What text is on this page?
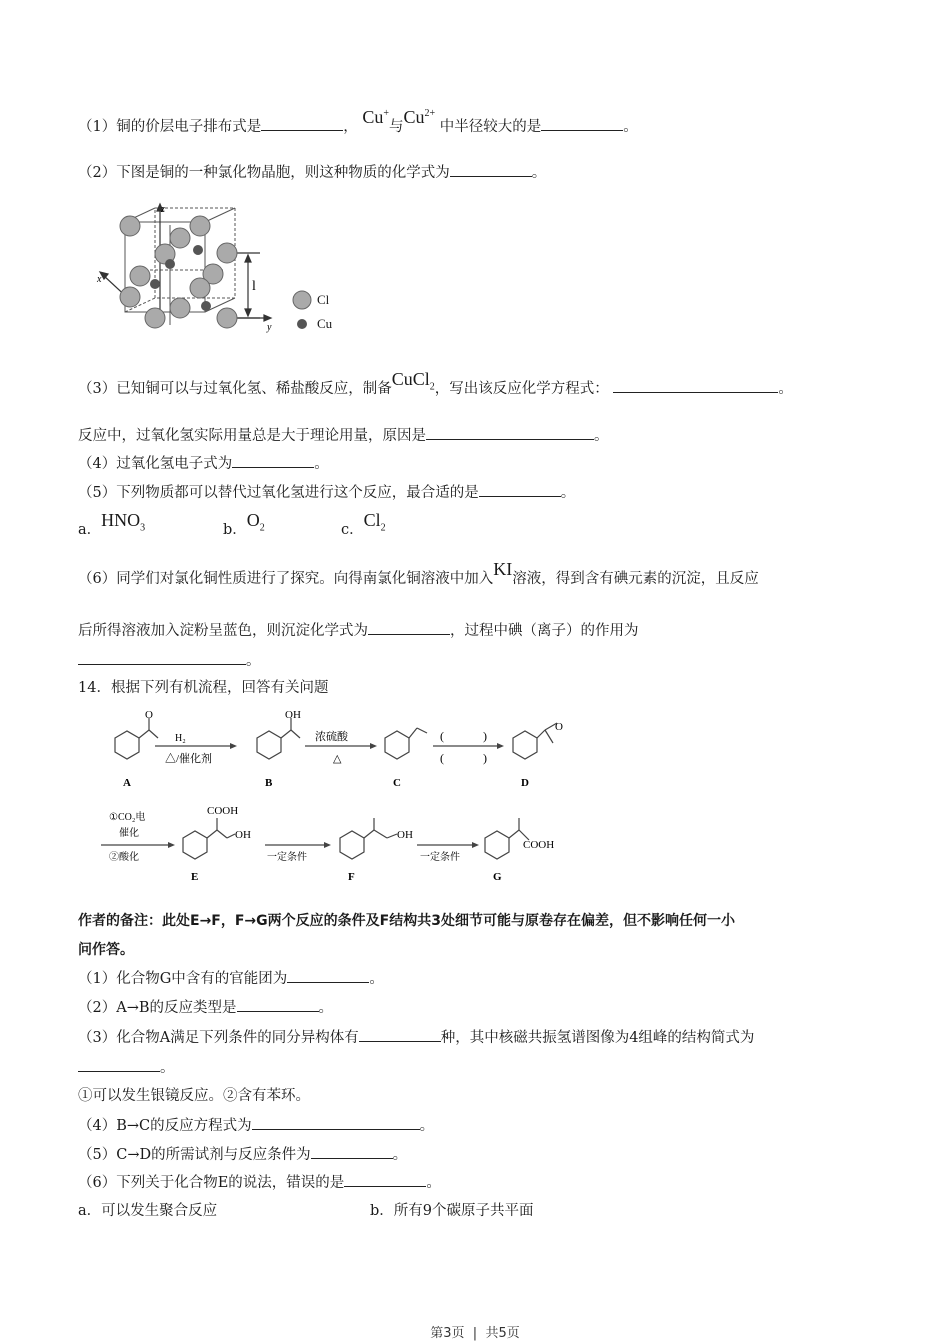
（1）铜的价层电子排布式是	， Cu+与$Cu^{2+}$ 中半径较大的是	。
（2）下图是铜的一种氯化物晶胞，则这种物质的化学式为	。
z
x
y
l
Cl
Cu
（3）已知铜可以与过氧化氢、稀盐酸反应，制备CuCl$_2$，写出该反应化学方程式：	。
反应中，过氧化氢实际用量总是大于理论用量，原因是	。
（4）过氧化氢电子式为	。
（5）下列物质都可以替代过氧化氢进行这个反应，最合适的是	。
a．$HNO_3$	b．$O_2$	c．$Cl_2$
（6）同学们对氯化铜性质进行了探究。向得南氯化铜溶液中加入KI溶液，得到含有碘元素的沉淀，且反应
后所得溶液加入淀粉呈蓝色，则沉淀化学式为	，过程中碘（离子）的作用为
。
14．根据下列有机流程，回答有关问题
O	OH
O
H₂
△/催化剂
浓硫酸
△
(	)
(	)
A	B	C	D
①CO₂电
催化
②酸化
COOH
OH	OH
COOH
一定条件	一定条件
E	F	G
作者的备注：此处E→F，F→G两个反应的条件及F结构共3处细节可能与原卷存在偏差，但不影响任何一小
问作答。
（1）化合物G中含有的官能团为	。
（2）A→B的反应类型是	。
（3）化合物A满足下列条件的同分异构体有	种，其中核磁共振氢谱图像为4组峰的结构简式为
。
①可以发生银镜反应。②含有苯环。
（4）B→C的反应方程式为	。
（5）C→D的所需试剂与反应条件为	。
（6）下列关于化合物E的说法，错误的是	。
a．可以发生聚合反应	b．所有9个碳原子共平面
第3页 | 共5页
